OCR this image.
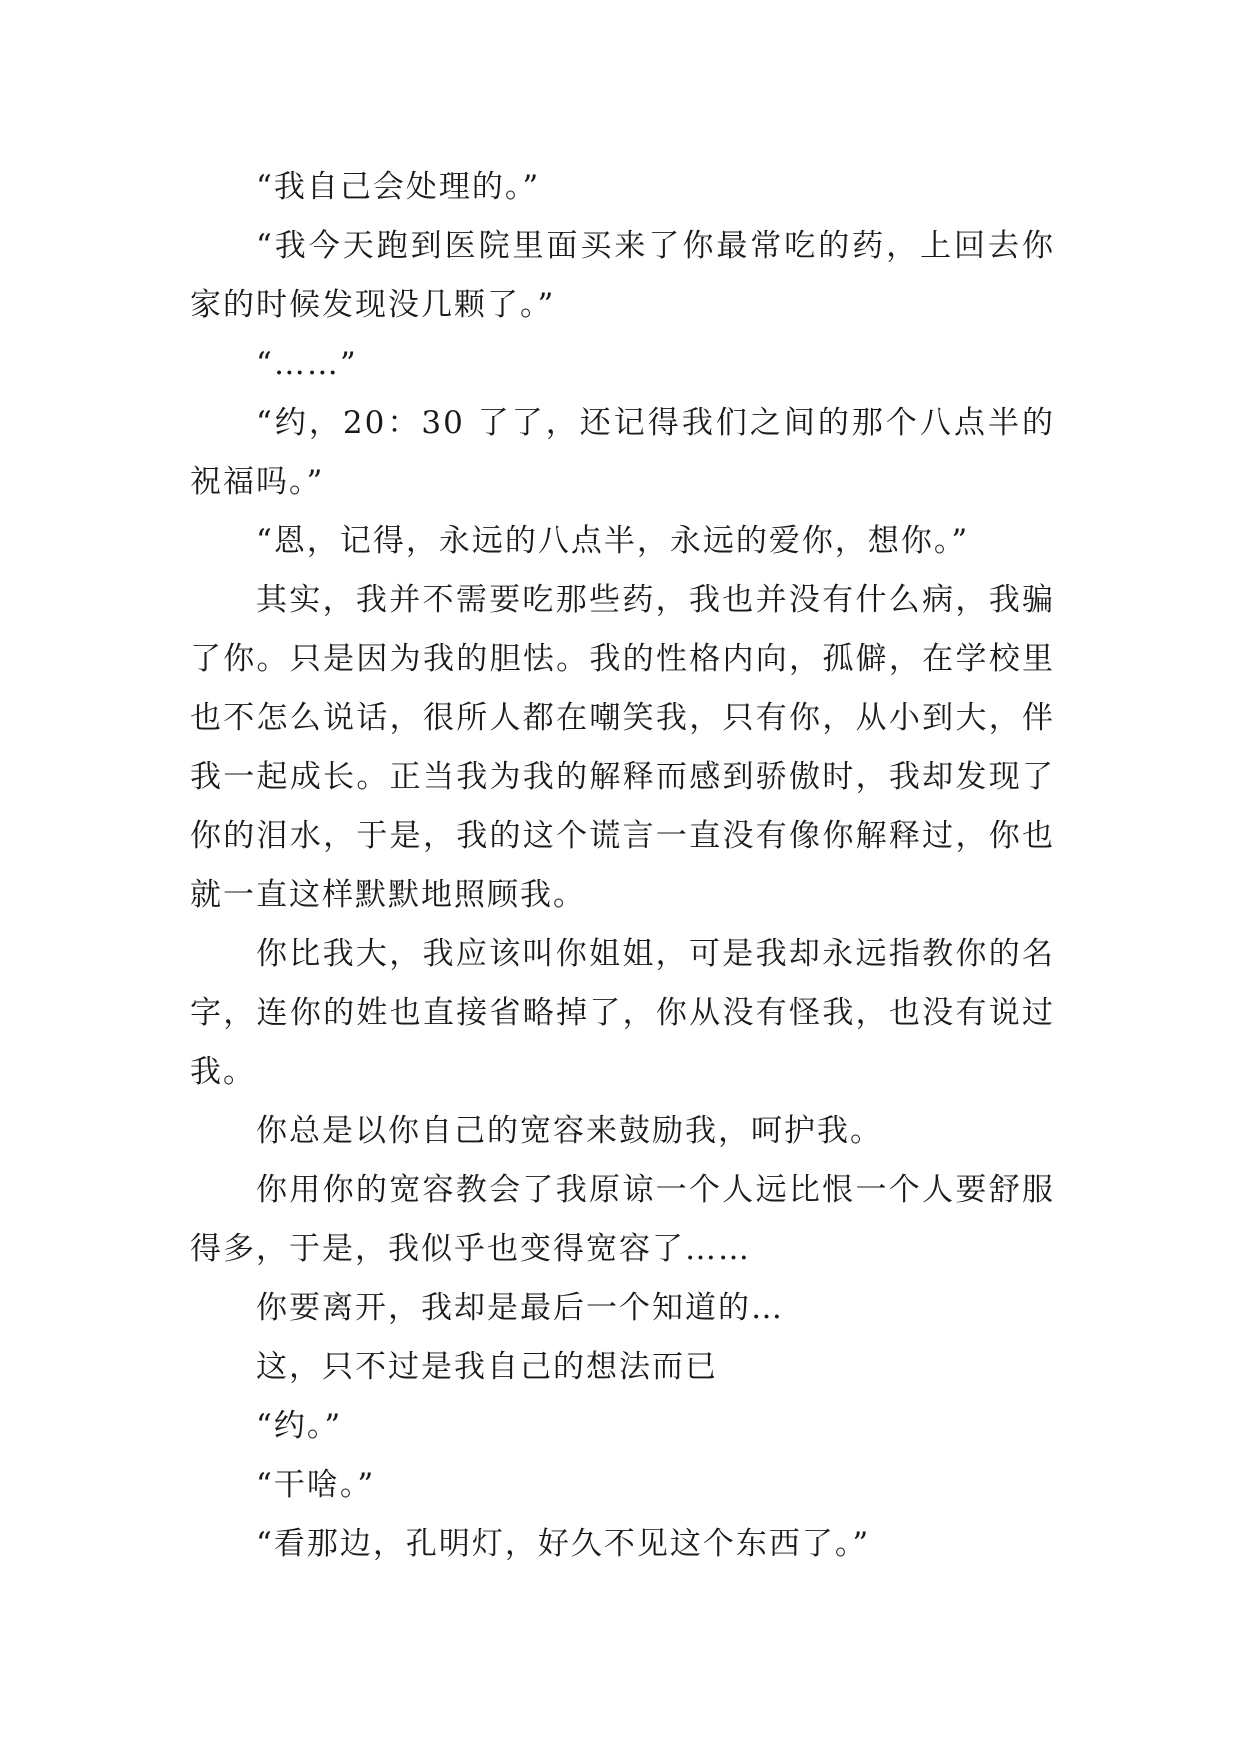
“我自己会处理的。”

“我今天跑到医院里面买来了你最常吃的药，上回去你家的时候发现没几颗了。”

“……”

“约，20：30 了了，还记得我们之间的那个八点半的祝福吗。”

“恩，记得，永远的八点半，永远的爱你，想你。”

其实，我并不需要吃那些药，我也并没有什么病，我骗了你。只是因为我的胆怯。我的性格内向，孤僻，在学校里也不怎么说话，很所人都在嘲笑我，只有你，从小到大，伴我一起成长。正当我为我的解释而感到骄傲时，我却发现了你的泪水，于是，我的这个谎言一直没有像你解释过，你也就一直这样默默地照顾我。

你比我大，我应该叫你姐姐，可是我却永远指教你的名字，连你的姓也直接省略掉了，你从没有怪我，也没有说过我。

你总是以你自己的宽容来鼓励我，呵护我。

你用你的宽容教会了我原谅一个人远比恨一个人要舒服得多，于是，我似乎也变得宽容了……

你要离开，我却是最后一个知道的…

这，只不过是我自己的想法而已

“约。”

“干啥。”

“看那边，孔明灯，好久不见这个东西了。”
